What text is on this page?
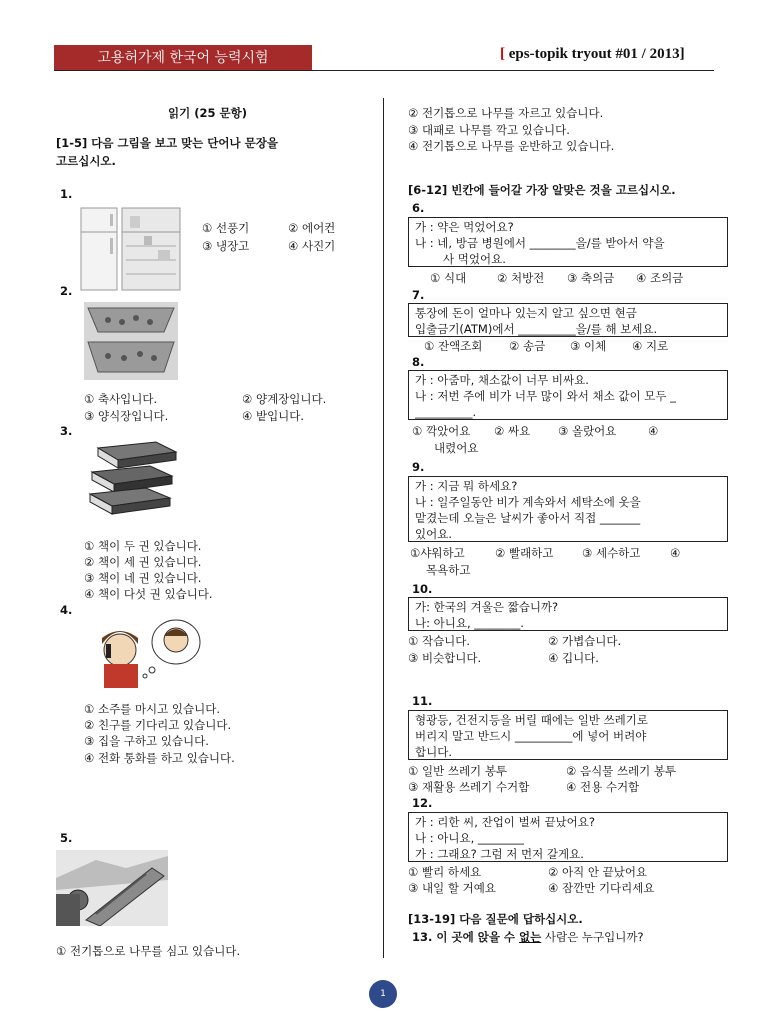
고용허가제 한국어 능력시험	[ eps-topik tryout #01 / 2013]
읽기 (25 문항)
[1-5] 다음 그림을 보고 맞는 단어나 문장을
고르십시오.
1.
① 선풍기	② 에어컨
③ 냉장고	④ 사진기
2.
① 축사입니다.	② 양계장입니다.
③ 양식장입니다.	④ 밭입니다.
3.
① 책이 두 권 있습니다.
② 책이 세 권 있습니다.
③ 책이 네 권 있습니다.
④ 책이 다섯 권 있습니다.
4.
① 소주를 마시고 있습니다.
② 친구를 기다리고 있습니다.
③ 집을 구하고 있습니다.
④ 전화 통화를 하고 있습니다.
5.
① 전기톱으로 나무를 심고 있습니다.
② 전기톱으로 나무를 자르고 있습니다.
③ 대패로 나무를 깍고 있습니다.
④ 전기톱으로 나무를 운반하고 있습니다.
[6-12] 빈칸에 들어갈 가장 알맞은 것을 고르십시오.
6.
가 : 약은 먹었어요?
나 : 네, 방금 병원에서 ________을/를 받아서 약을
사 먹었어요.
① 식대	② 처방전 ③ 축의금 ④ 조의금
7.
통장에 돈이 얼마나 있는지 알고 싶으면 현금
입출금기(ATM)에서 __________을/를 해 보세요.
① 잔액조회 ② 송금 ③ 이체 ④ 지로
8.
가 : 아줌마, 채소값이 너무 비싸요.
나 : 저번 주에 비가 너무 많이 와서 채소 값이 모두 _
__________.
① 깍았어요 ② 싸요 ③ 올랐어요	④
내렸어요
9.
가 : 지금 뭐 하세요?
나 : 일주일동안 비가 계속와서 세탁소에 옷을
맡겼는데 오늘은 날씨가 좋아서 직접 _______
있어요.
①샤워하고	② 빨래하고 ③ 세수하고	④
목욕하고
10.
가: 한국의 겨울은 짧습니까?
나: 아니요, ________.
① 작습니다.	② 가볍습니다.
③ 비슷합니다.	④ 깁니다.
11.
형광등, 건전지등을 버릴 때에는 일반 쓰레기로
버리지 말고 반드시 __________에 넣어 버려야
합니다.
① 일반 쓰레기 봉투	② 음식물 쓰레기 봉투
③ 재활용 쓰레기 수거함	④ 전용 수거함
12.
가 : 리한 씨, 잔업이 벌써 끝났어요?
나 : 아니요, ________
가 : 그래요? 그럼 저 먼저 갈게요.
① 빨리 하세요	② 아직 안 끝났어요
③ 내일 할 거예요	④ 잠깐만 기다리세요
[13-19] 다음 질문에 답하십시오.
13. 이 곳에 앉을 수 없는 사람은 누구입니까?
1
